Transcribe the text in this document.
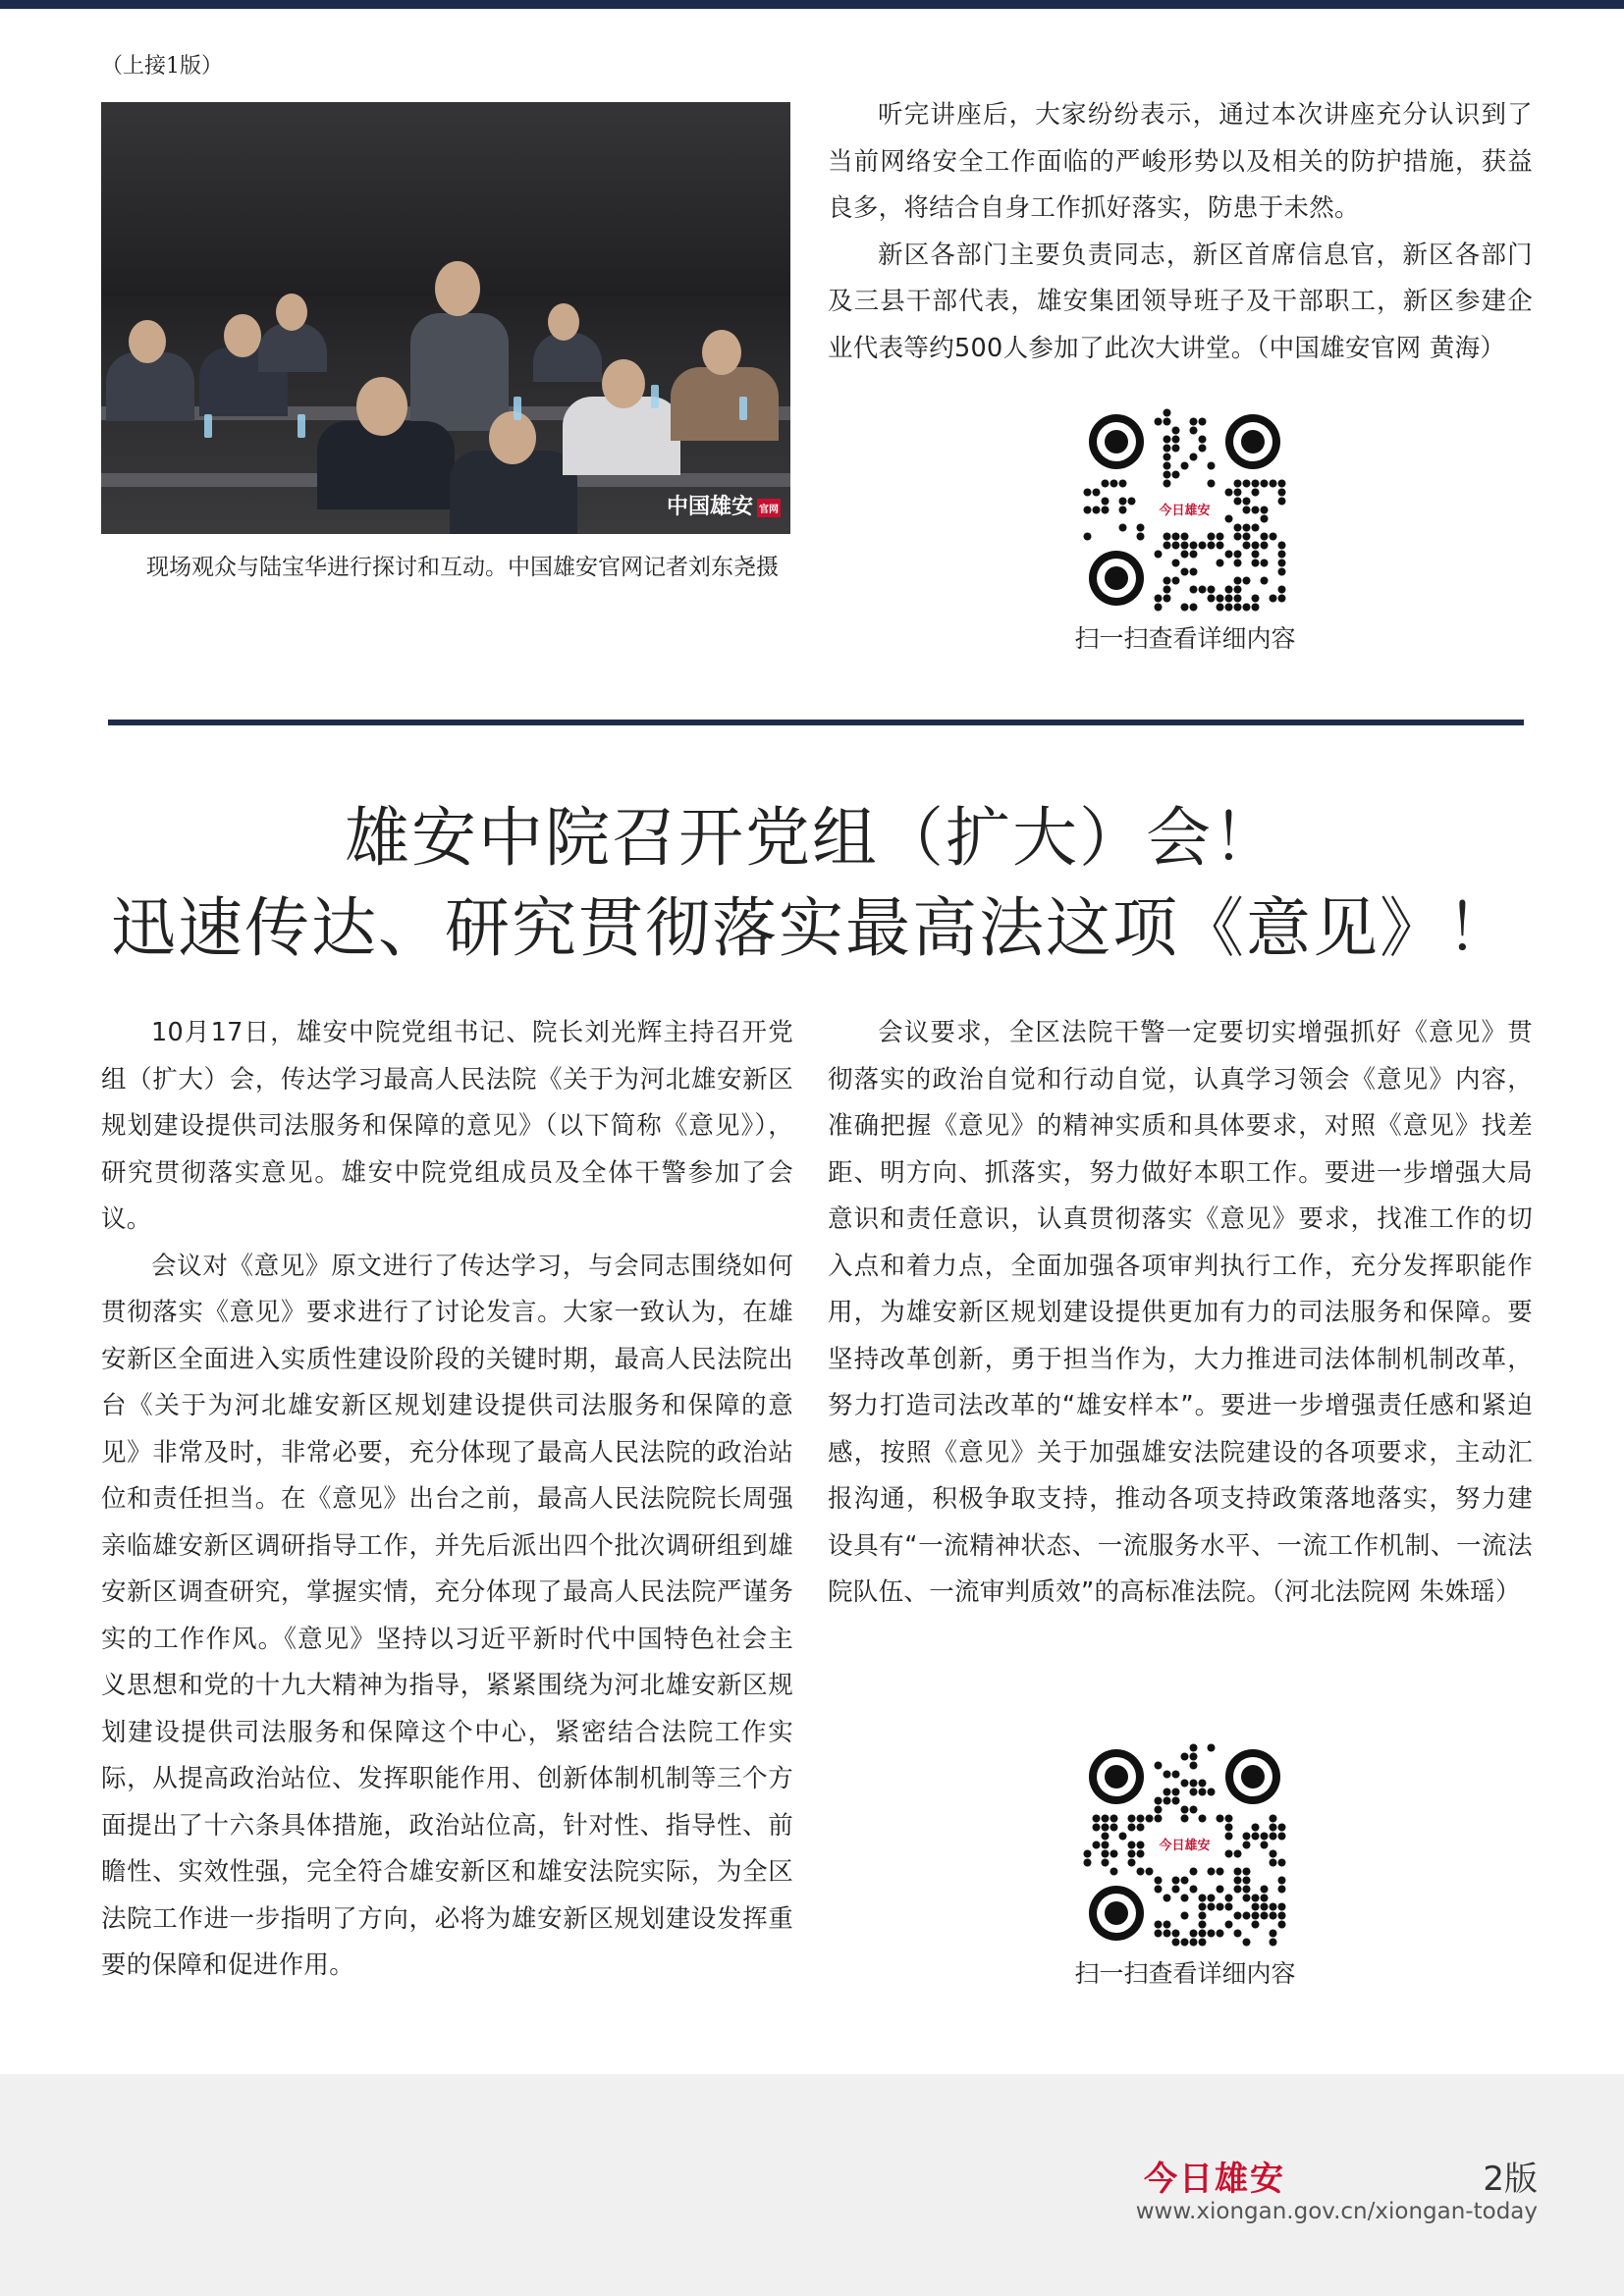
（上接1版）
中国雄安 官网
现场观众与陆宝华进行探讨和互动。中国雄安官网记者刘东尧摄

听完讲座后，大家纷纷表示，通过本次讲座充分认识到了当前网络安全工作面临的严峻形势以及相关的防护措施，获益良多，将结合自身工作抓好落实，防患于未然。

新区各部门主要负责同志，新区首席信息官，新区各部门及三县干部代表，雄安集团领导班子及干部职工，新区参建企业代表等约500人参加了此次大讲堂。（中国雄安官网 黄海）

今日雄安
扫一扫查看详细内容
雄安中院召开党组（扩大）会！
迅速传达、研究贯彻落实最高法这项《意见》！

10月17日，雄安中院党组书记、院长刘光辉主持召开党组（扩大）会，传达学习最高人民法院《关于为河北雄安新区规划建设提供司法服务和保障的意见》（以下简称《意见》），研究贯彻落实意见。雄安中院党组成员及全体干警参加了会议。

会议对《意见》原文进行了传达学习，与会同志围绕如何贯彻落实《意见》要求进行了讨论发言。大家一致认为，在雄安新区全面进入实质性建设阶段的关键时期，最高人民法院出台《关于为河北雄安新区规划建设提供司法服务和保障的意见》非常及时，非常必要，充分体现了最高人民法院的政治站位和责任担当。在《意见》出台之前，最高人民法院院长周强亲临雄安新区调研指导工作，并先后派出四个批次调研组到雄安新区调查研究，掌握实情，充分体现了最高人民法院严谨务实的工作作风。《意见》坚持以习近平新时代中国特色社会主义思想和党的十九大精神为指导，紧紧围绕为河北雄安新区规划建设提供司法服务和保障这个中心，紧密结合法院工作实际，从提高政治站位、发挥职能作用、创新体制机制等三个方面提出了十六条具体措施，政治站位高，针对性、指导性、前瞻性、实效性强，完全符合雄安新区和雄安法院实际，为全区法院工作进一步指明了方向，必将为雄安新区规划建设发挥重要的保障和促进作用。

会议要求，全区法院干警一定要切实增强抓好《意见》贯彻落实的政治自觉和行动自觉，认真学习领会《意见》内容，准确把握《意见》的精神实质和具体要求，对照《意见》找差距、明方向、抓落实，努力做好本职工作。要进一步增强大局意识和责任意识，认真贯彻落实《意见》要求，找准工作的切入点和着力点，全面加强各项审判执行工作，充分发挥职能作用，为雄安新区规划建设提供更加有力的司法服务和保障。要坚持改革创新，勇于担当作为，大力推进司法体制机制改革，努力打造司法改革的“雄安样本”。要进一步增强责任感和紧迫感，按照《意见》关于加强雄安法院建设的各项要求，主动汇报沟通，积极争取支持，推动各项支持政策落地落实，努力建设具有“一流精神状态、一流服务水平、一流工作机制、一流法院队伍、一流审判质效”的高标准法院。（河北法院网 朱姝瑶）

今日雄安
扫一扫查看详细内容
今日雄安	2版
www.xiongan.gov.cn/xiongan-today
